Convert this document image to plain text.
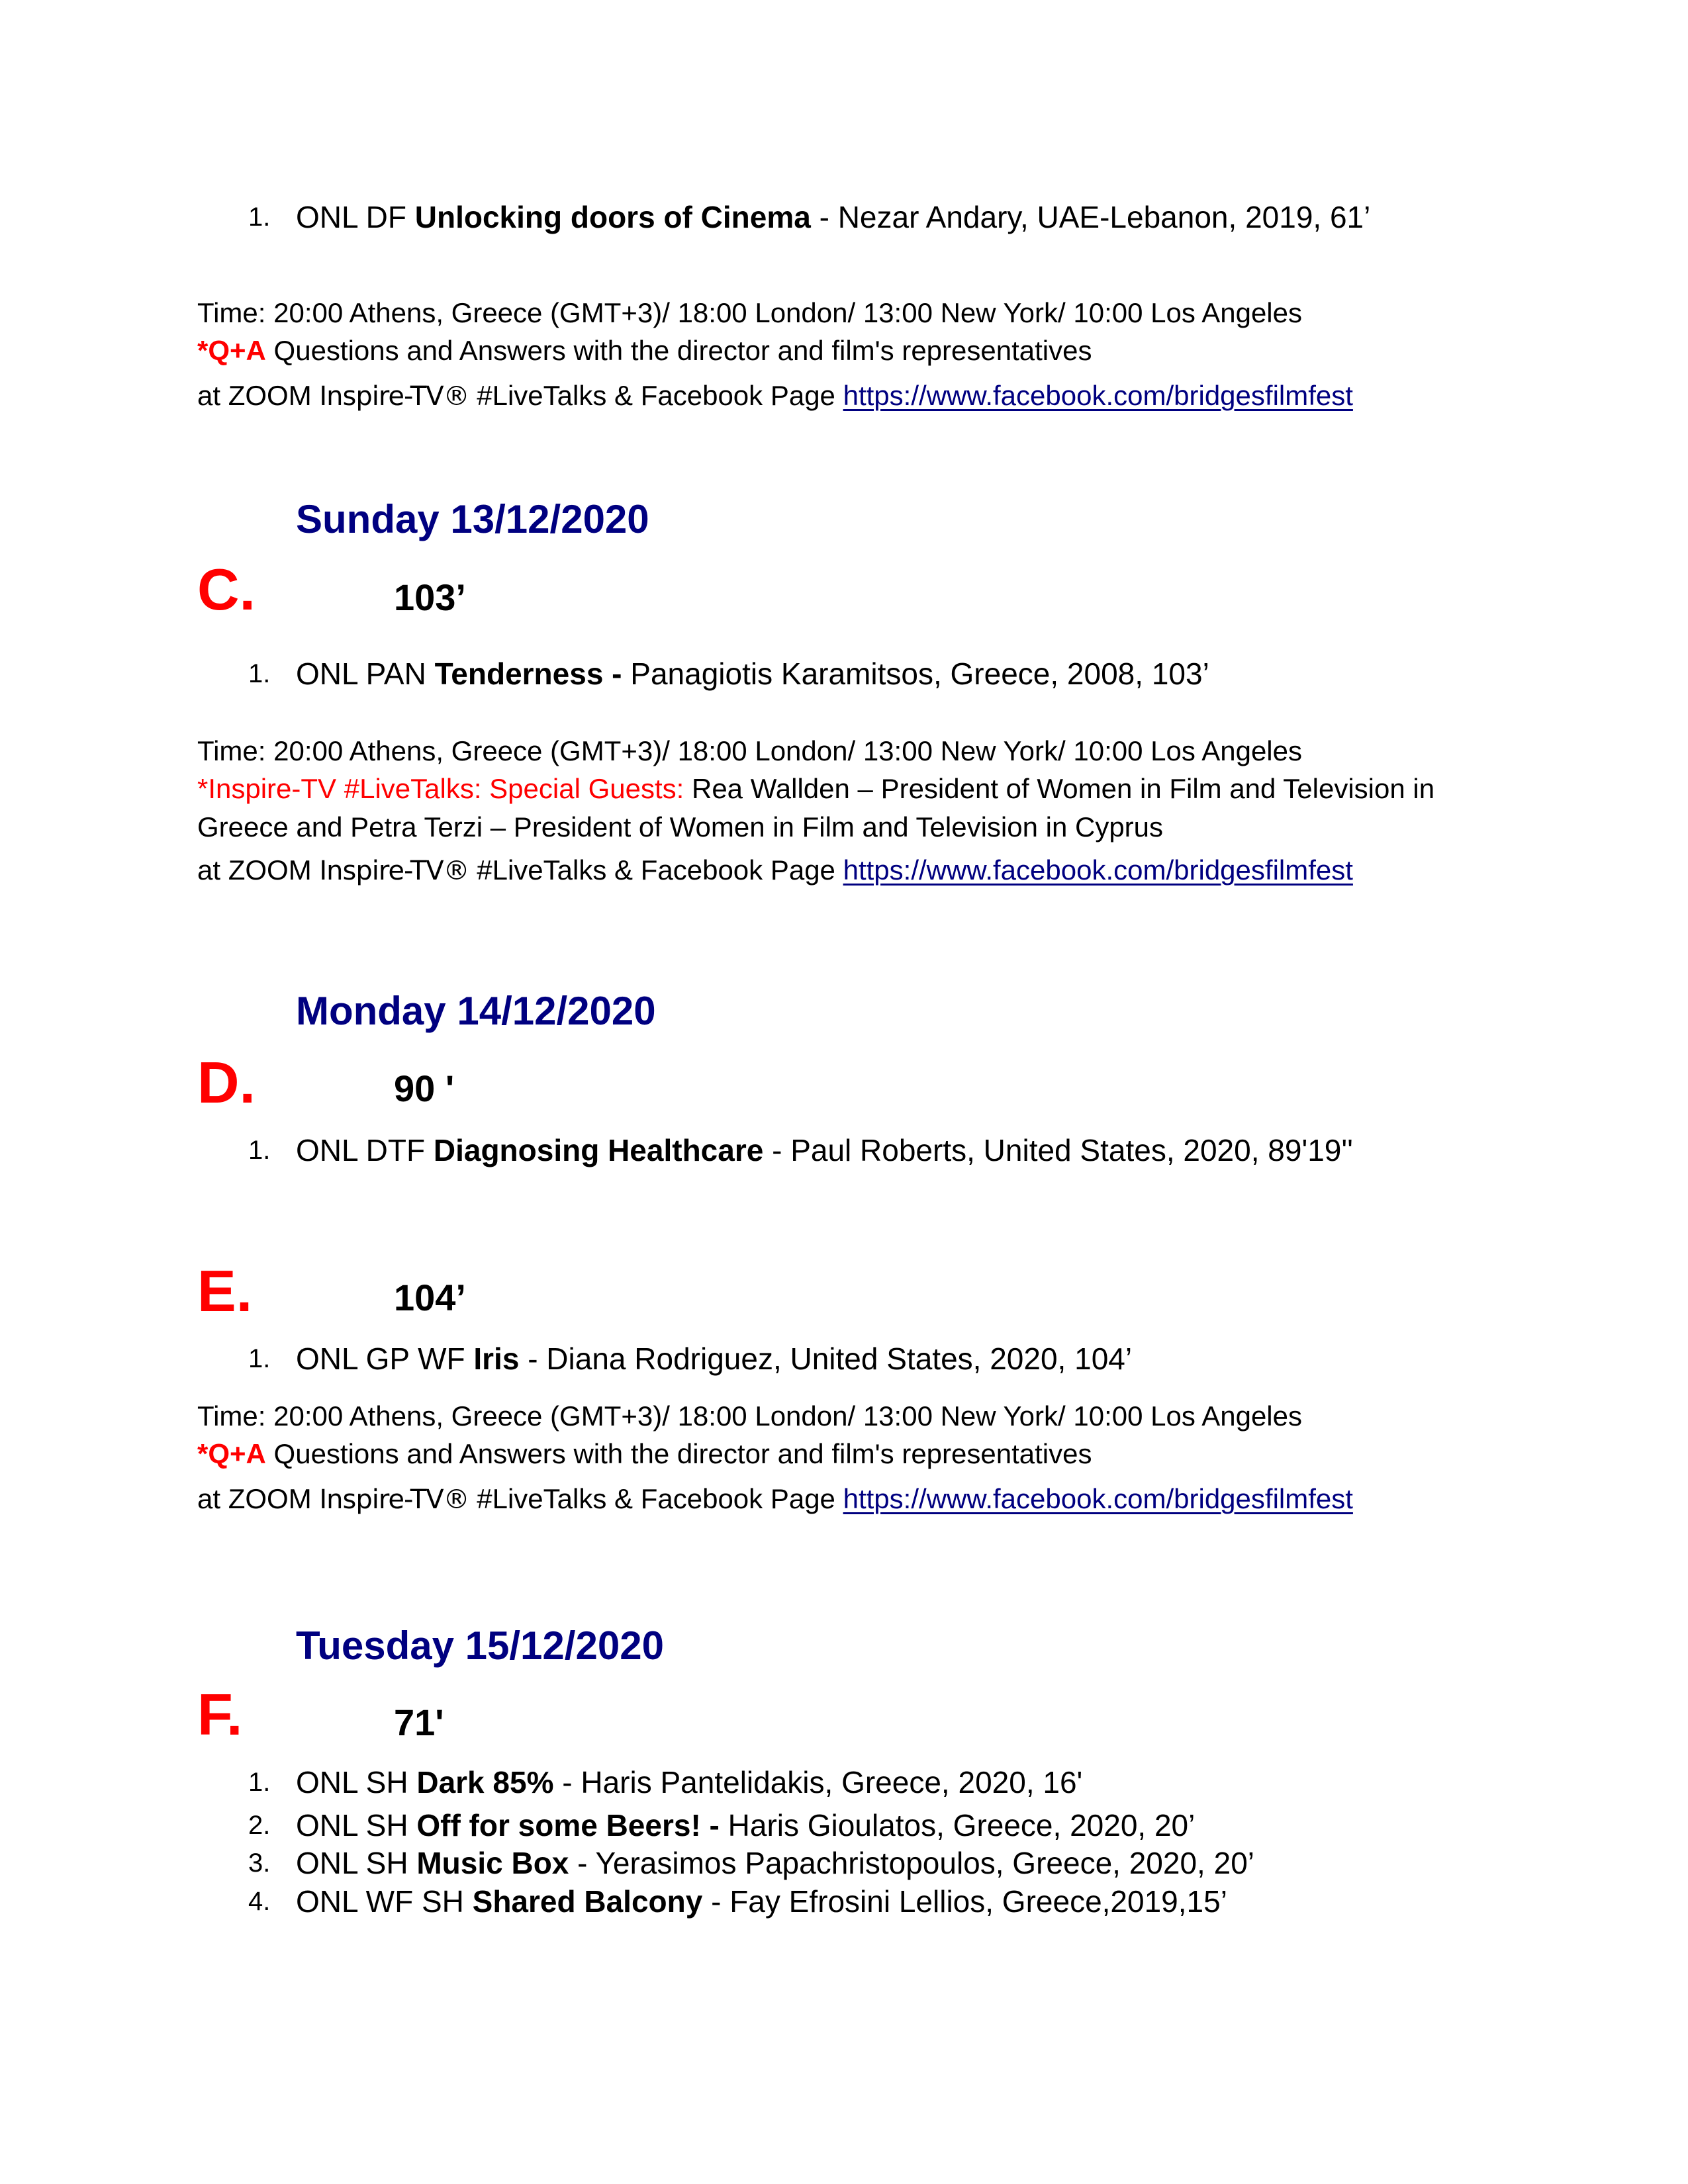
1. ONL DF Unlocking doors of Cinema - Nezar Andary, UAE-Lebanon, 2019, 61’
Time: 20:00 Athens, Greece (GMT+3)/ 18:00 London/ 13:00 New York/ 10:00 Los Angeles
*Q+A Questions and Answers with the director and film's representatives
at ZOOM Inspire-TV® #LiveTalks & Facebook Page https://www.facebook.com/bridgesfilmfest
Sunday 13/12/2020
C.	103’
1. ONL PAN Tenderness - Panagiotis Karamitsos, Greece, 2008, 103’
Time: 20:00 Athens, Greece (GMT+3)/ 18:00 London/ 13:00 New York/ 10:00 Los Angeles
*Inspire-TV #LiveTalks: Special Guests: Rea Wallden – President of Women in Film and Television in
Greece and Petra Terzi – President of Women in Film and Television in Cyprus
at ZOOM Inspire-TV® #LiveTalks & Facebook Page https://www.facebook.com/bridgesfilmfest
Monday 14/12/2020
D.	90 '
1. ONL DTF Diagnosing Healthcare - Paul Roberts, United States, 2020, 89'19''
E.	104’
1. ONL GP WF Iris - Diana Rodriguez, United States, 2020, 104’
Time: 20:00 Athens, Greece (GMT+3)/ 18:00 London/ 13:00 New York/ 10:00 Los Angeles
*Q+A Questions and Answers with the director and film's representatives
at ZOOM Inspire-TV® #LiveTalks & Facebook Page https://www.facebook.com/bridgesfilmfest
Tuesday 15/12/2020
F.	71'
1. ONL SH Dark 85% - Haris Pantelidakis, Greece, 2020, 16'
2. ONL SH Off for some Beers! - Haris Gioulatos, Greece, 2020, 20’
3. ONL SH Music Box - Yerasimos Papachristopoulos, Greece, 2020, 20’
4. ONL WF SH Shared Balcony - Fay Efrosini Lellios, Greece,2019,15’
